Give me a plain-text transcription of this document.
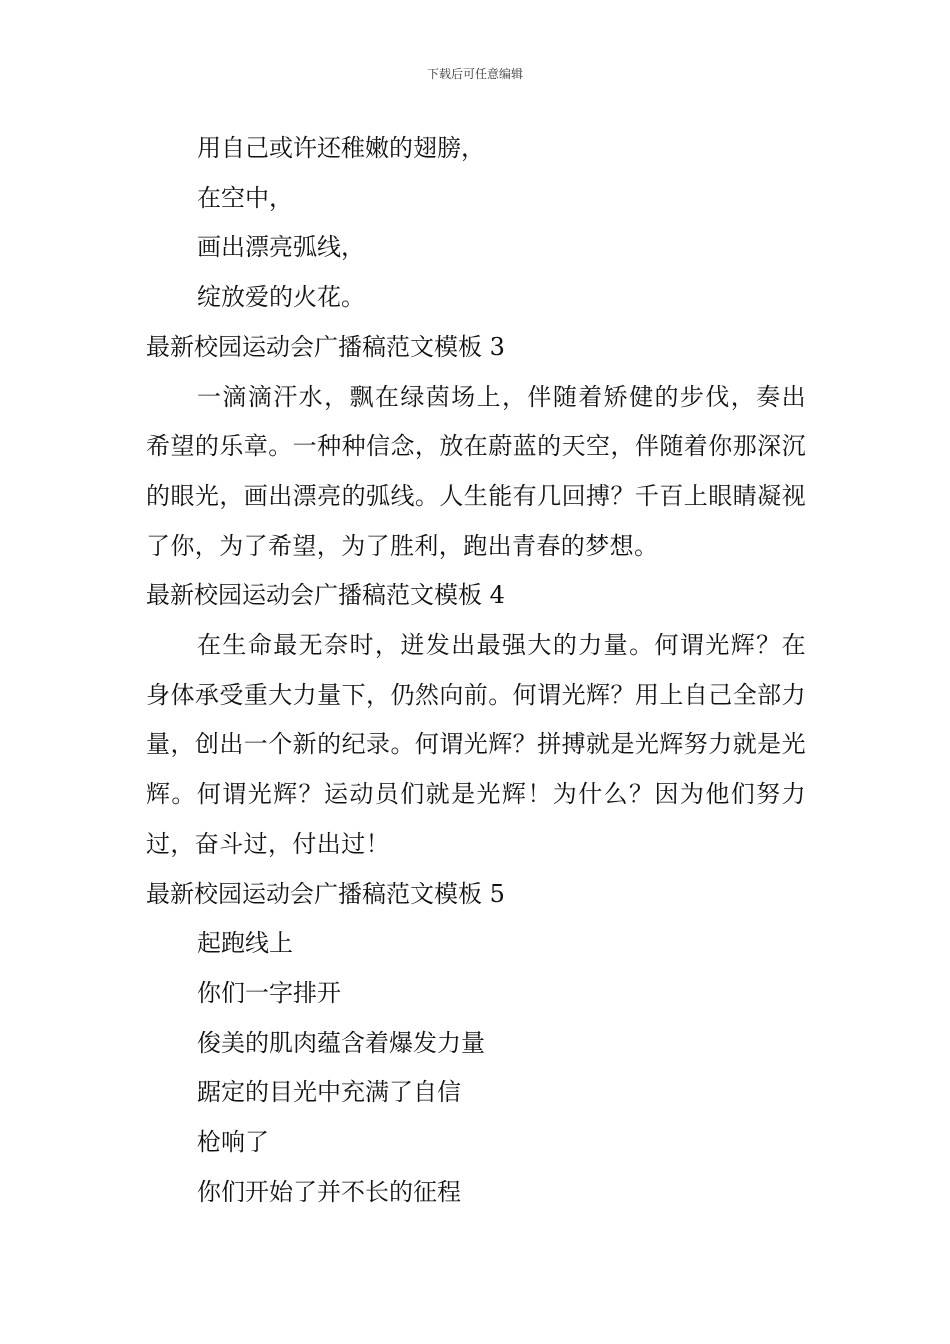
下载后可任意编辑

用自己或许还稚嫩的翅膀，

在空中，

画出漂亮弧线，

绽放爱的火花。

最新校园运动会广播稿范文模板 3

一滴滴汗水，飘在绿茵场上，伴随着矫健的步伐，奏出希望的乐章。一种种信念，放在蔚蓝的天空，伴随着你那深沉的眼光，画出漂亮的弧线。人生能有几回搏？千百上眼睛凝视了你，为了希望，为了胜利，跑出青春的梦想。

最新校园运动会广播稿范文模板 4

在生命最无奈时，迸发出最强大的力量。何谓光辉？在身体承受重大力量下，仍然向前。何谓光辉？用上自己全部力量，创出一个新的纪录。何谓光辉？拼搏就是光辉努力就是光辉。何谓光辉？运动员们就是光辉！为什么？因为他们努力过，奋斗过，付出过！

最新校园运动会广播稿范文模板 5

起跑线上

你们一字排开

俊美的肌肉蕴含着爆发力量

踞定的目光中充满了自信

枪响了

你们开始了并不长的征程
